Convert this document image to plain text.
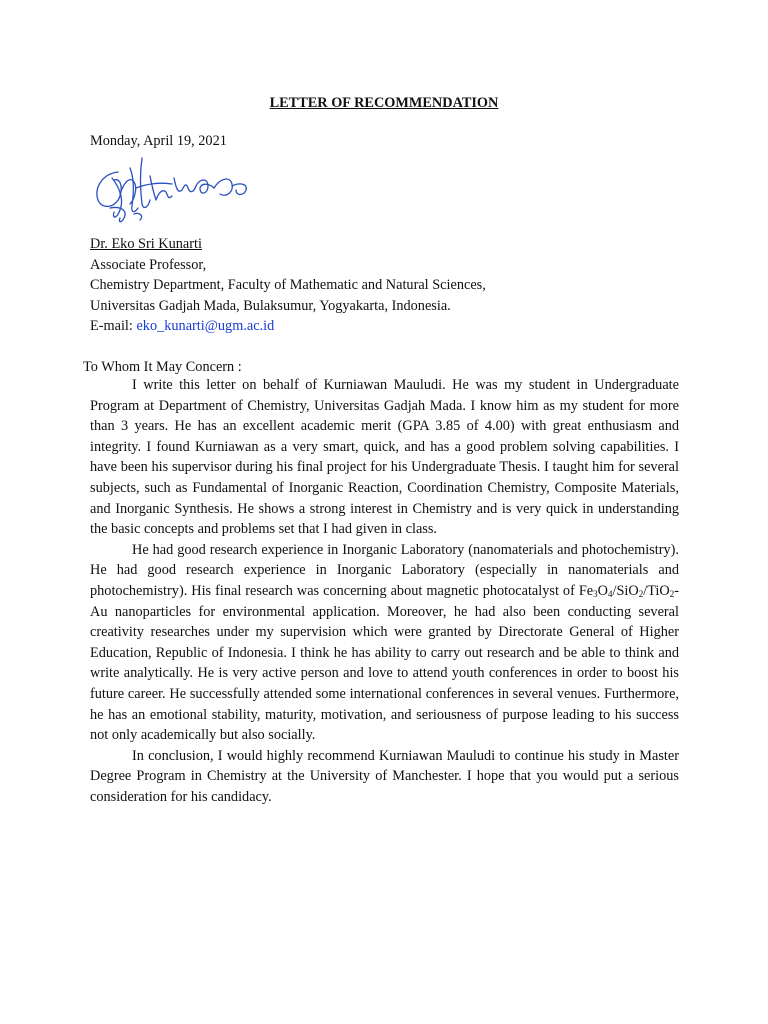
LETTER OF RECOMMENDATION
Monday, April 19, 2021
Dr. Eko Sri Kunarti
Associate Professor,
Chemistry Department, Faculty of Mathematic and Natural Sciences,
Universitas Gadjah Mada, Bulaksumur, Yogyakarta, Indonesia.
E-mail: eko_kunarti@ugm.ac.id
To Whom It May Concern :

I write this letter on behalf of Kurniawan Mauludi. He was my student in Undergraduate Program at Department of Chemistry, Universitas Gadjah Mada. I know him as my student for more than 3 years. He has an excellent academic merit (GPA 3.85 of 4.00) with great enthusiasm and integrity. I found Kurniawan as a very smart, quick, and has a good problem solving capabilities. I have been his supervisor during his final project for his Undergraduate Thesis. I taught him for several subjects, such as Fundamental of Inorganic Reaction, Coordination Chemistry, Composite Materials, and Inorganic Synthesis. He shows a strong interest in Chemistry and is very quick in understanding the basic concepts and problems set that I had given in class.

He had good research experience in Inorganic Laboratory (nanomaterials and photochemistry). He had good research experience in Inorganic Laboratory (especially in nanomaterials and photochemistry). His final research was concerning about magnetic photocatalyst of $Fe_3O_4/SiO_2/TiO_2-Au$ nanoparticles for environmental application. Moreover, he had also been conducting several creativity researches under my supervision which were granted by Directorate General of Higher Education, Republic of Indonesia. I think he has ability to carry out research and be able to think and write analytically. He is very active person and love to attend youth conferences in order to boost his future career. He successfully attended some international conferences in several venues. Furthermore, he has an emotional stability, maturity, motivation, and seriousness of purpose leading to his success not only academically but also socially.

In conclusion, I would highly recommend Kurniawan Mauludi to continue his study in Master Degree Program in Chemistry at the University of Manchester. I hope that you would put a serious consideration for his candidacy.
